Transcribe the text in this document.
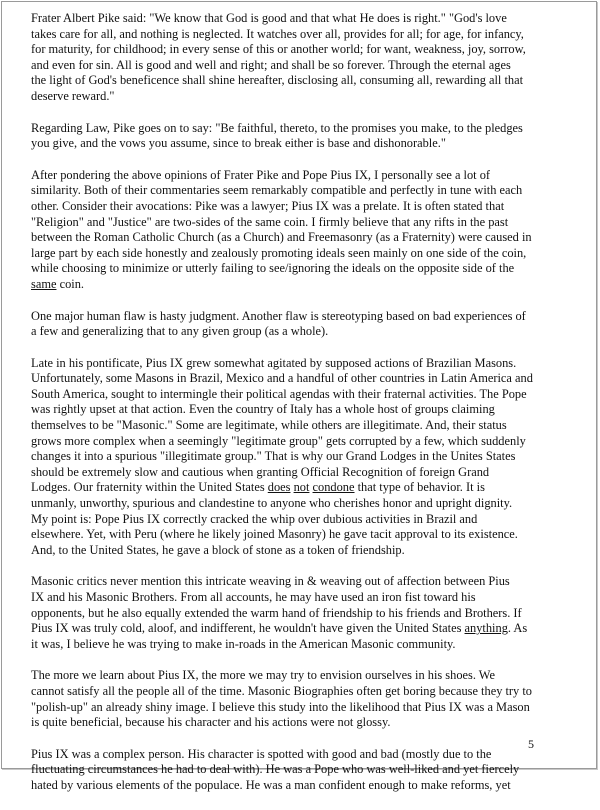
Frater Albert Pike said: "We know that God is good and that what He does is right." "God's love
takes care for all, and nothing is neglected. It watches over all, provides for all; for age, for infancy,
for maturity, for childhood; in every sense of this or another world; for want, weakness, joy, sorrow,
and even for sin. All is good and well and right; and shall be so forever. Through the eternal ages
the light of God's beneficence shall shine hereafter, disclosing all, consuming all, rewarding all that
deserve reward."

Regarding Law, Pike goes on to say: "Be faithful, thereto, to the promises you make, to the pledges
you give, and the vows you assume, since to break either is base and dishonorable."

After pondering the above opinions of Frater Pike and Pope Pius IX, I personally see a lot of
similarity. Both of their commentaries seem remarkably compatible and perfectly in tune with each
other. Consider their avocations: Pike was a lawyer; Pius IX was a prelate. It is often stated that
"Religion" and "Justice" are two-sides of the same coin. I firmly believe that any rifts in the past
between the Roman Catholic Church (as a Church) and Freemasonry (as a Fraternity) were caused in
large part by each side honestly and zealously promoting ideals seen mainly on one side of the coin,
while choosing to minimize or utterly failing to see/ignoring the ideals on the opposite side of the
same coin.

One major human flaw is hasty judgment. Another flaw is stereotyping based on bad experiences of
a few and generalizing that to any given group (as a whole).

Late in his pontificate, Pius IX grew somewhat agitated by supposed actions of Brazilian Masons.
Unfortunately, some Masons in Brazil, Mexico and a handful of other countries in Latin America and
South America, sought to intermingle their political agendas with their fraternal activities. The Pope
was rightly upset at that action. Even the country of Italy has a whole host of groups claiming
themselves to be "Masonic." Some are legitimate, while others are illegitimate. And, their status
grows more complex when a seemingly "legitimate group" gets corrupted by a few, which suddenly
changes it into a spurious "illegitimate group." That is why our Grand Lodges in the Unites States
should be extremely slow and cautious when granting Official Recognition of foreign Grand
Lodges. Our fraternity within the United States does not condone that type of behavior. It is
unmanly, unworthy, spurious and clandestine to anyone who cherishes honor and upright dignity.
My point is: Pope Pius IX correctly cracked the whip over dubious activities in Brazil and
elsewhere. Yet, with Peru (where he likely joined Masonry) he gave tacit approval to its existence.
And, to the United States, he gave a block of stone as a token of friendship.

Masonic critics never mention this intricate weaving in & weaving out of affection between Pius
IX and his Masonic Brothers. From all accounts, he may have used an iron fist toward his
opponents, but he also equally extended the warm hand of friendship to his friends and Brothers. If
Pius IX was truly cold, aloof, and indifferent, he wouldn't have given the United States anything. As
it was, I believe he was trying to make in-roads in the American Masonic community.

The more we learn about Pius IX, the more we may try to envision ourselves in his shoes. We
cannot satisfy all the people all of the time. Masonic Biographies often get boring because they try to
"polish-up" an already shiny image. I believe this study into the likelihood that Pius IX was a Mason
is quite beneficial, because his character and his actions were not glossy.

Pius IX was a complex person. His character is spotted with good and bad (mostly due to the
fluctuating circumstances he had to deal with). He was a Pope who was well-liked and yet fiercely
hated by various elements of the populace. He was a man confident enough to make reforms, yet

5
